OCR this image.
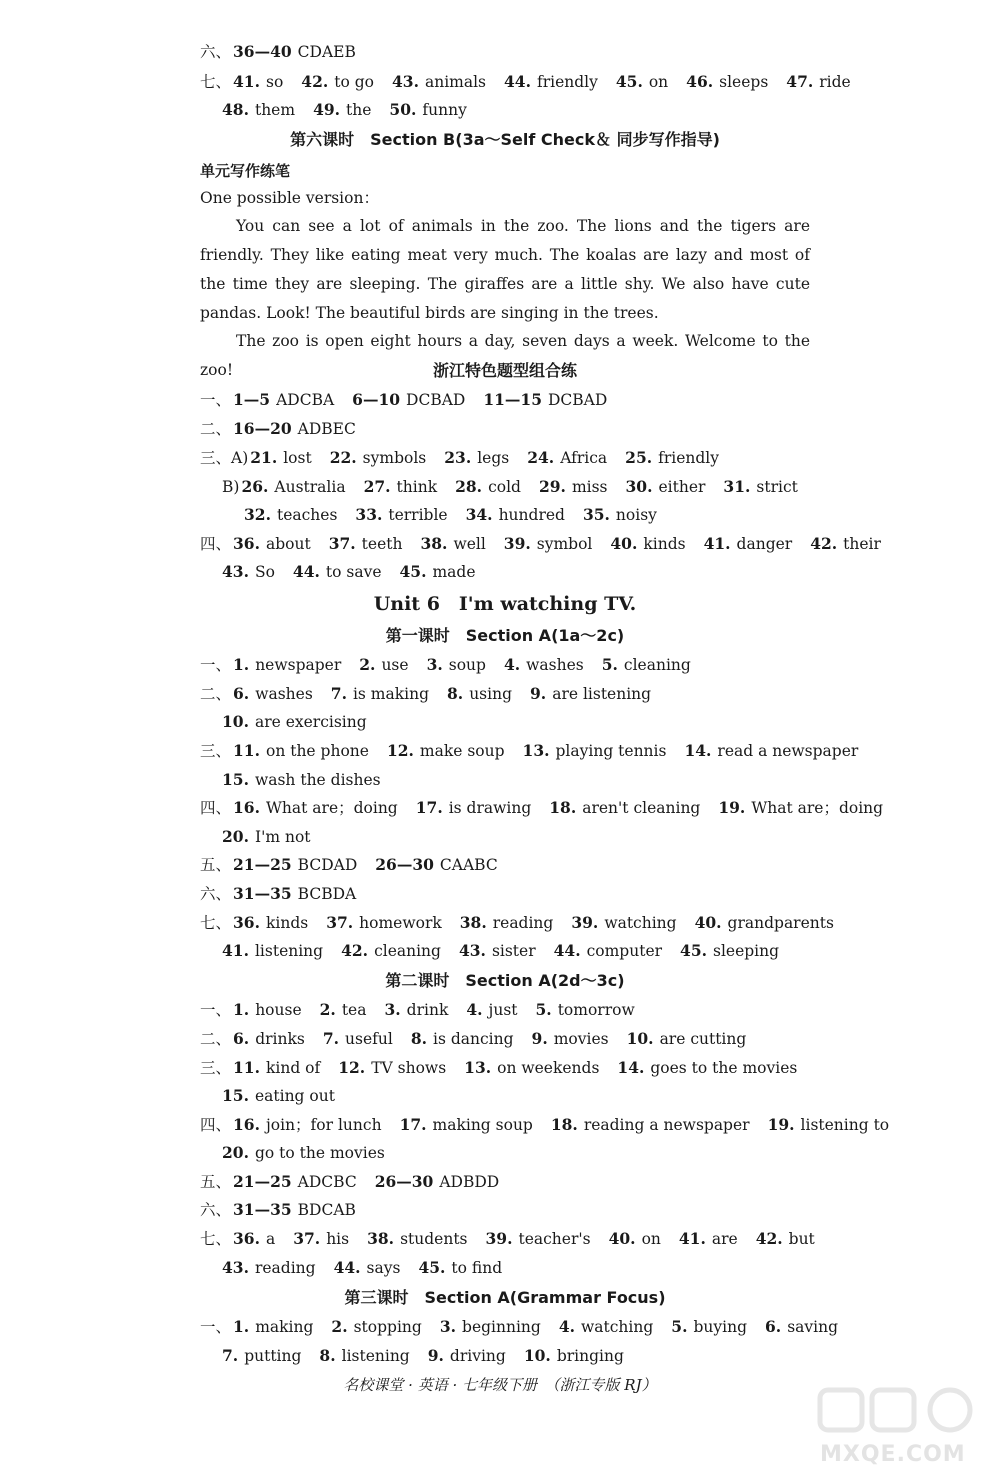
六、 36—40 CDAEB
七、 41. so 42. to go 43. animals 44. friendly 45. on 46. sleeps 47. ride
48. them 49. the 50. funny
第六课时　Section B(3a～Self Check＆ 同步写作指导)
单元写作练笔
One possible version：
You can see a lot of animals in the zoo. The lions and the tigers are friendly. They like eating meat very much. The koalas are lazy and most of the time they are sleeping. The giraffes are a little shy. We also have cute pandas. Look! The beautiful birds are singing in the trees.
The zoo is open eight hours a day, seven days a week. Welcome to the zoo!	浙江特色题型组合练
一、 1—5 ADCBA 6—10 DCBAD 11—15 DCBAD
二、 16—20 ADBEC
三、A) 21. lost 22. symbols 23. legs 24. Africa 25. friendly
B) 26. Australia 27. think 28. cold 29. miss 30. either 31. strict
32. teaches 33. terrible 34. hundred 35. noisy
四、 36. about 37. teeth 38. well 39. symbol 40. kinds 41. danger 42. their
43. So 44. to save 45. made
Unit 6　I'm watching TV.
第一课时　Section A(1a～2c)
一、 1. newspaper 2. use 3. soup 4. washes 5. cleaning
二、 6. washes 7. is making 8. using 9. are listening
10. are exercising
三、 11. on the phone 12. make soup 13. playing tennis 14. read a newspaper
15. wash the dishes
四、 16. What are；doing 17. is drawing 18. aren't cleaning 19. What are；doing
20. I'm not
五、 21—25 BCDAD 26—30 CAABC
六、 31—35 BCBDA
七、 36. kinds 37. homework 38. reading 39. watching 40. grandparents
41. listening 42. cleaning 43. sister 44. computer 45. sleeping
第二课时　Section A(2d～3c)
一、 1. house 2. tea 3. drink 4. just 5. tomorrow
二、 6. drinks 7. useful 8. is dancing 9. movies 10. are cutting
三、 11. kind of 12. TV shows 13. on weekends 14. goes to the movies
15. eating out
四、 16. join；for lunch 17. making soup 18. reading a newspaper 19. listening to
20. go to the movies
五、 21—25 ADCBC 26—30 ADBDD
六、 31—35 BDCAB
七、 36. a 37. his 38. students 39. teacher's 40. on 41. are 42. but
43. reading 44. says 45. to find
第三课时　Section A(Grammar Focus)
一、 1. making 2. stopping 3. beginning 4. watching 5. buying 6. saving
7. putting 8. listening 9. driving 10. bringing
名校课堂 · 英语 · 七年级下册　（浙江专版 RJ）
MXQE.COM
